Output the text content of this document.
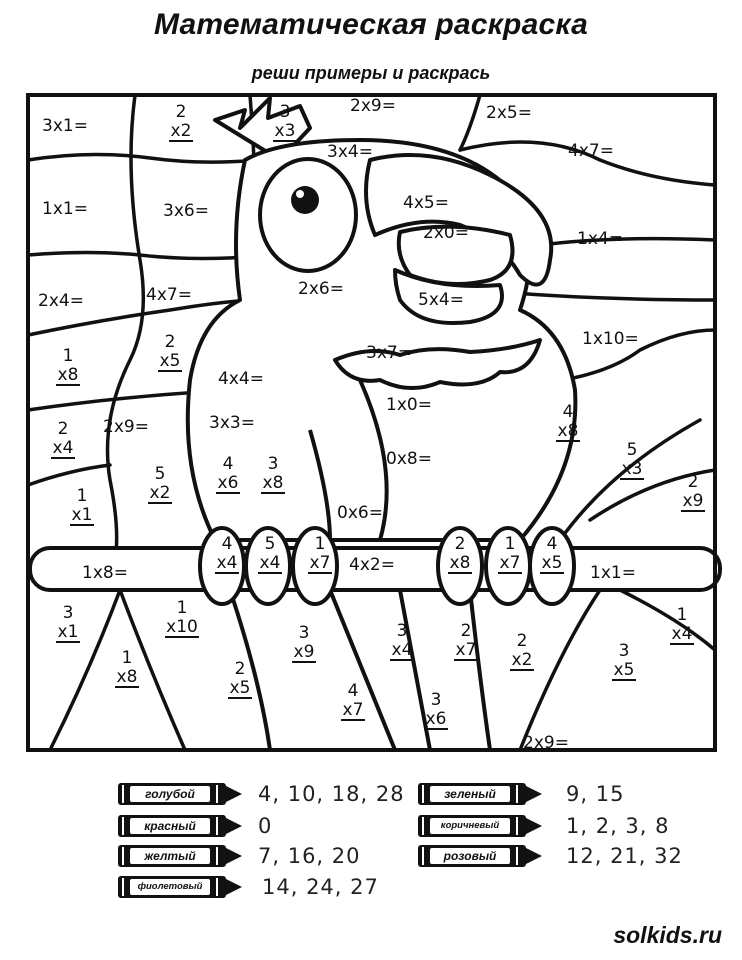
Математическая раскраска
реши примеры и раскрась
3x1=
2x9=	2x5=
3x4=	4x7=
1x1=	3x6=	4x5=
1x4=
2x0=
2x4=	4x7=	2x6=
5x4=
1x10=
3x7=
4x4=
1x0=
2x9=	3x3=
0x8=
0x6=
1x8=	4x2=	1x1=
2x9=
2
x2
3
x3
2
x5
1
x8
2
x4
4
x8
5
x3
2
x9
5
x2
4
x6
3
x8
1
x1
4
x4
5
x4
1
x7
2
x8
1
x7
4
x5
3
x1
1
x10	3
x9
3
x4
2
x7 2
x2
1
x4
1
x8	2
x5	4
x7	3
x6
3
x5
голубой	4, 10, 18, 28
красный	0
желтый	7, 16, 20
фиолетовый	14, 24, 27
зеленый	9, 15
коричневый	1, 2, 3, 8
розовый	12, 21, 32
solkids.ru
